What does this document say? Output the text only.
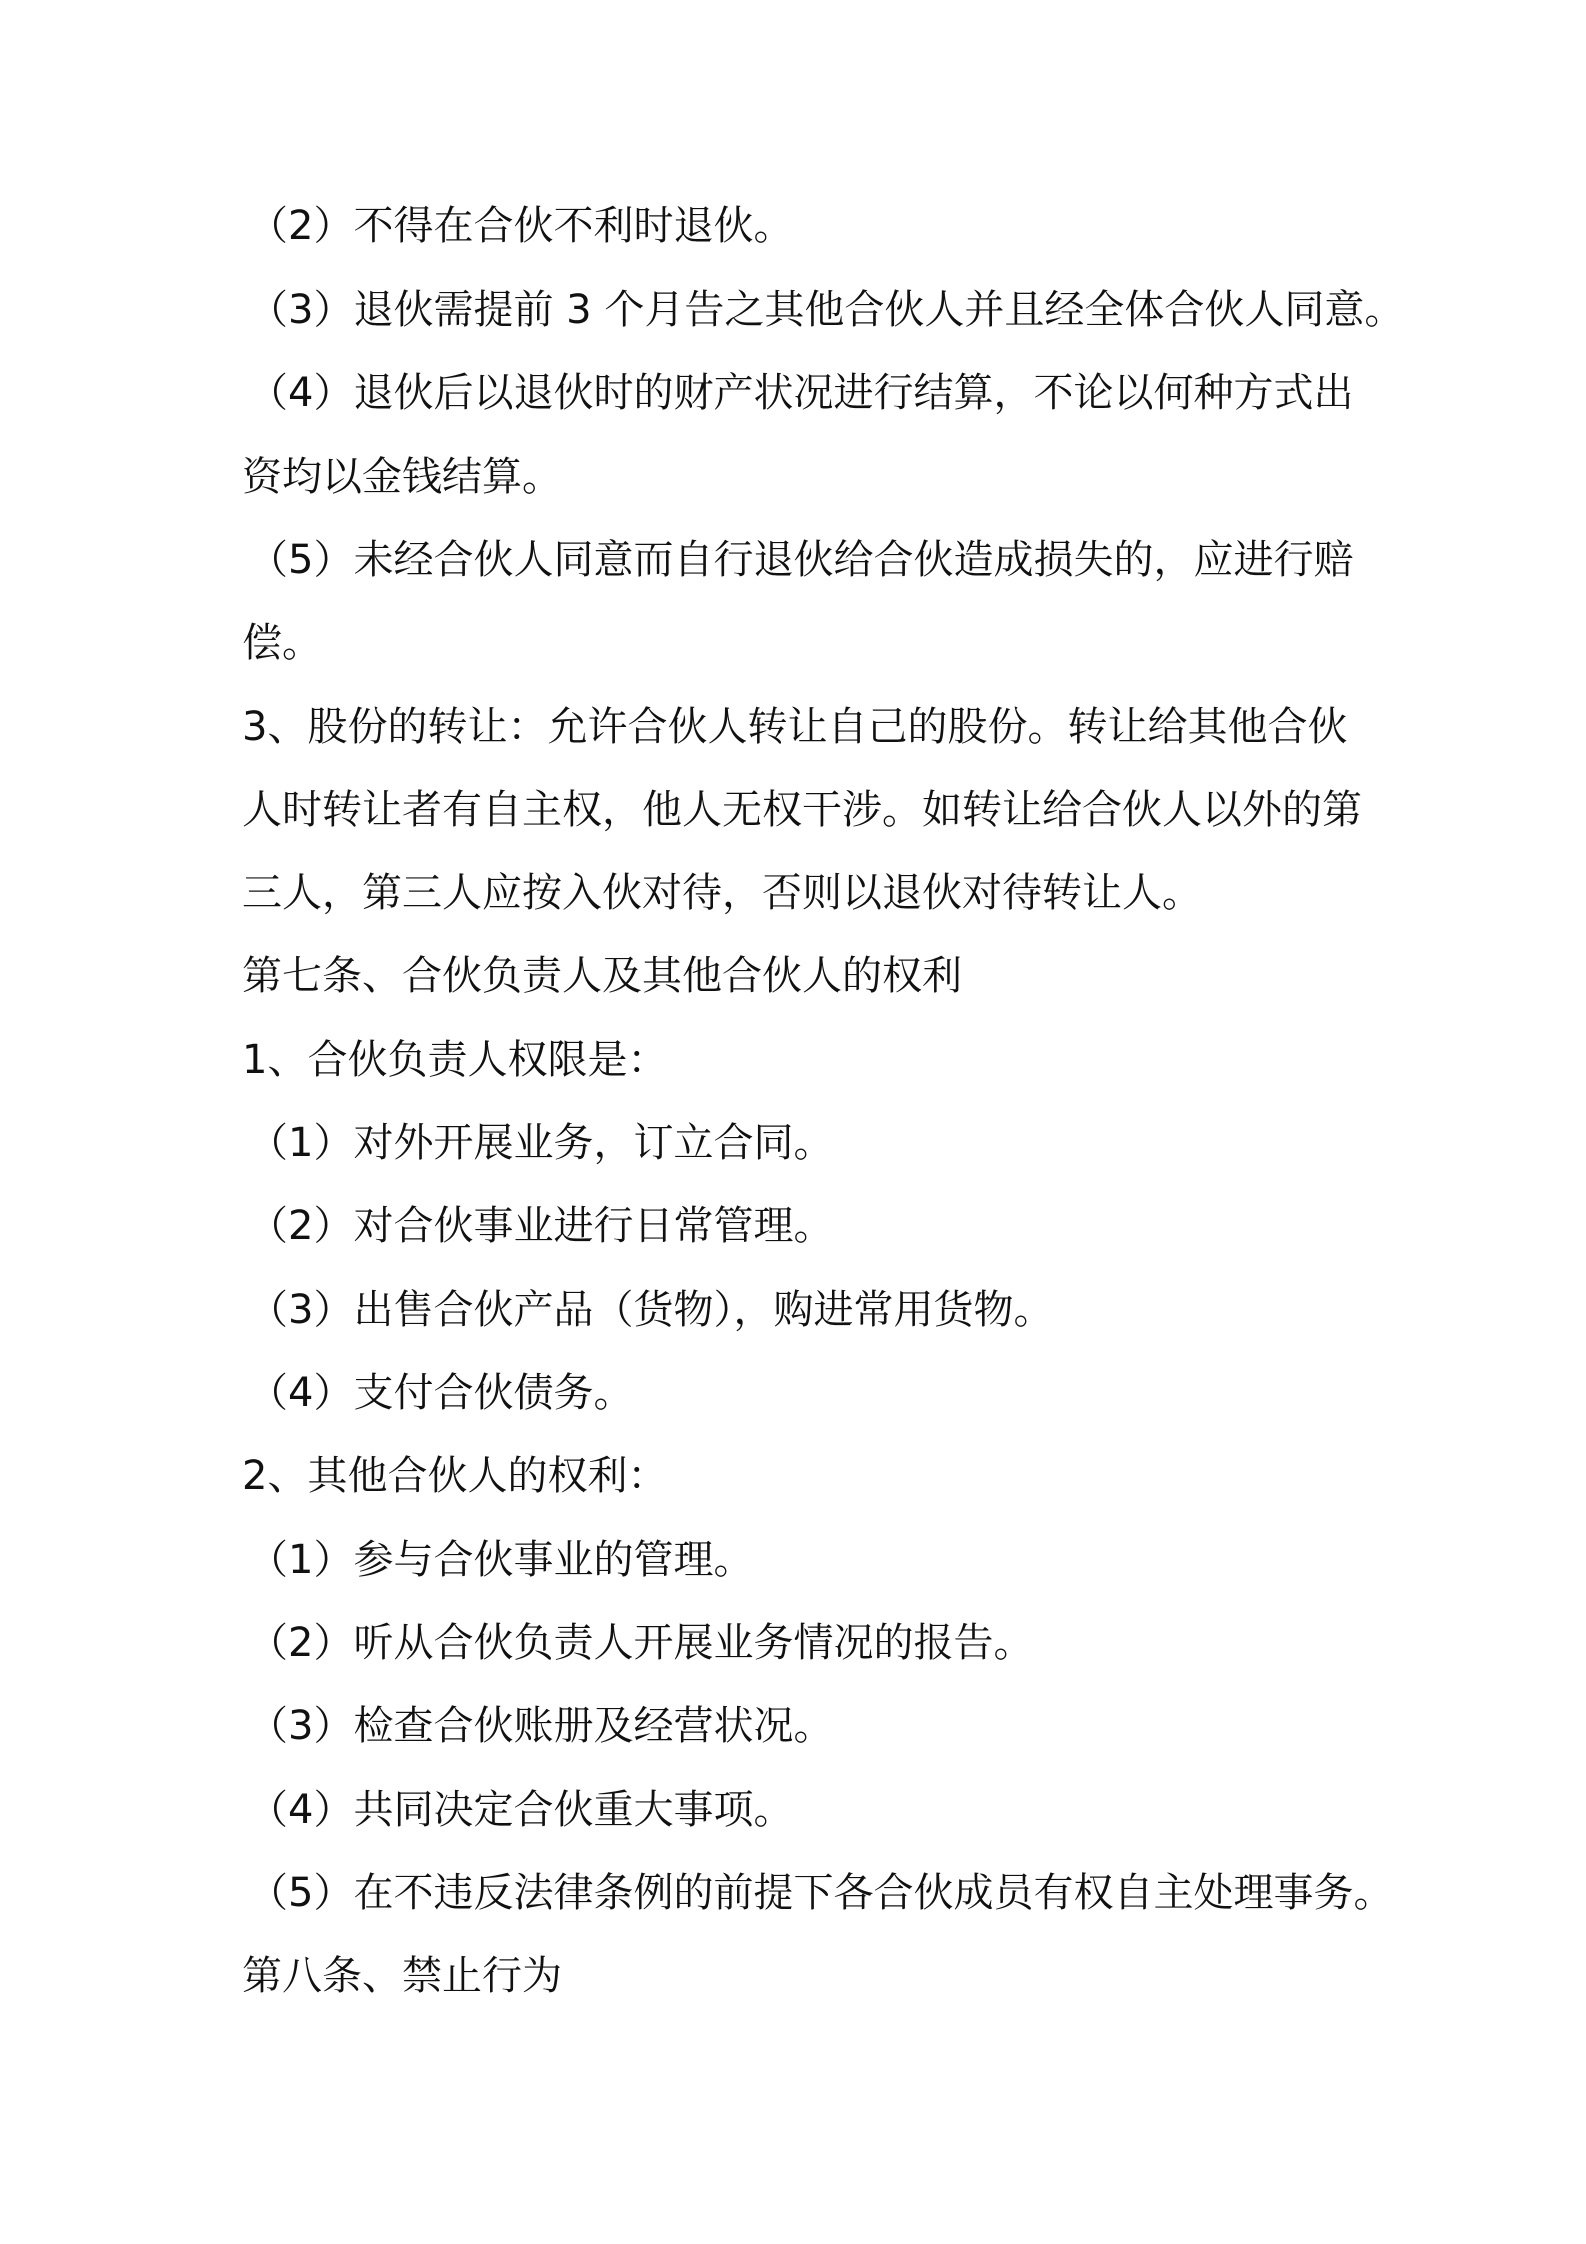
（2）不得在合伙不利时退伙。
（3）退伙需提前 3 个月告之其他合伙人并且经全体合伙人同意。
（4）退伙后以退伙时的财产状况进行结算，不论以何种方式出
资均以金钱结算。
（5）未经合伙人同意而自行退伙给合伙造成损失的，应进行赔
偿。
3、股份的转让：允许合伙人转让自己的股份。转让给其他合伙
人时转让者有自主权，他人无权干涉。如转让给合伙人以外的第
三人，第三人应按入伙对待，否则以退伙对待转让人。
第七条、合伙负责人及其他合伙人的权利
1、合伙负责人权限是：
（1）对外开展业务，订立合同。
（2）对合伙事业进行日常管理。
（3）出售合伙产品（货物），购进常用货物。
（4）支付合伙债务。
2、其他合伙人的权利：
（1）参与合伙事业的管理。
（2）听从合伙负责人开展业务情况的报告。
（3）检查合伙账册及经营状况。
（4）共同决定合伙重大事项。
（5）在不违反法律条例的前提下各合伙成员有权自主处理事务。
第八条、禁止行为
